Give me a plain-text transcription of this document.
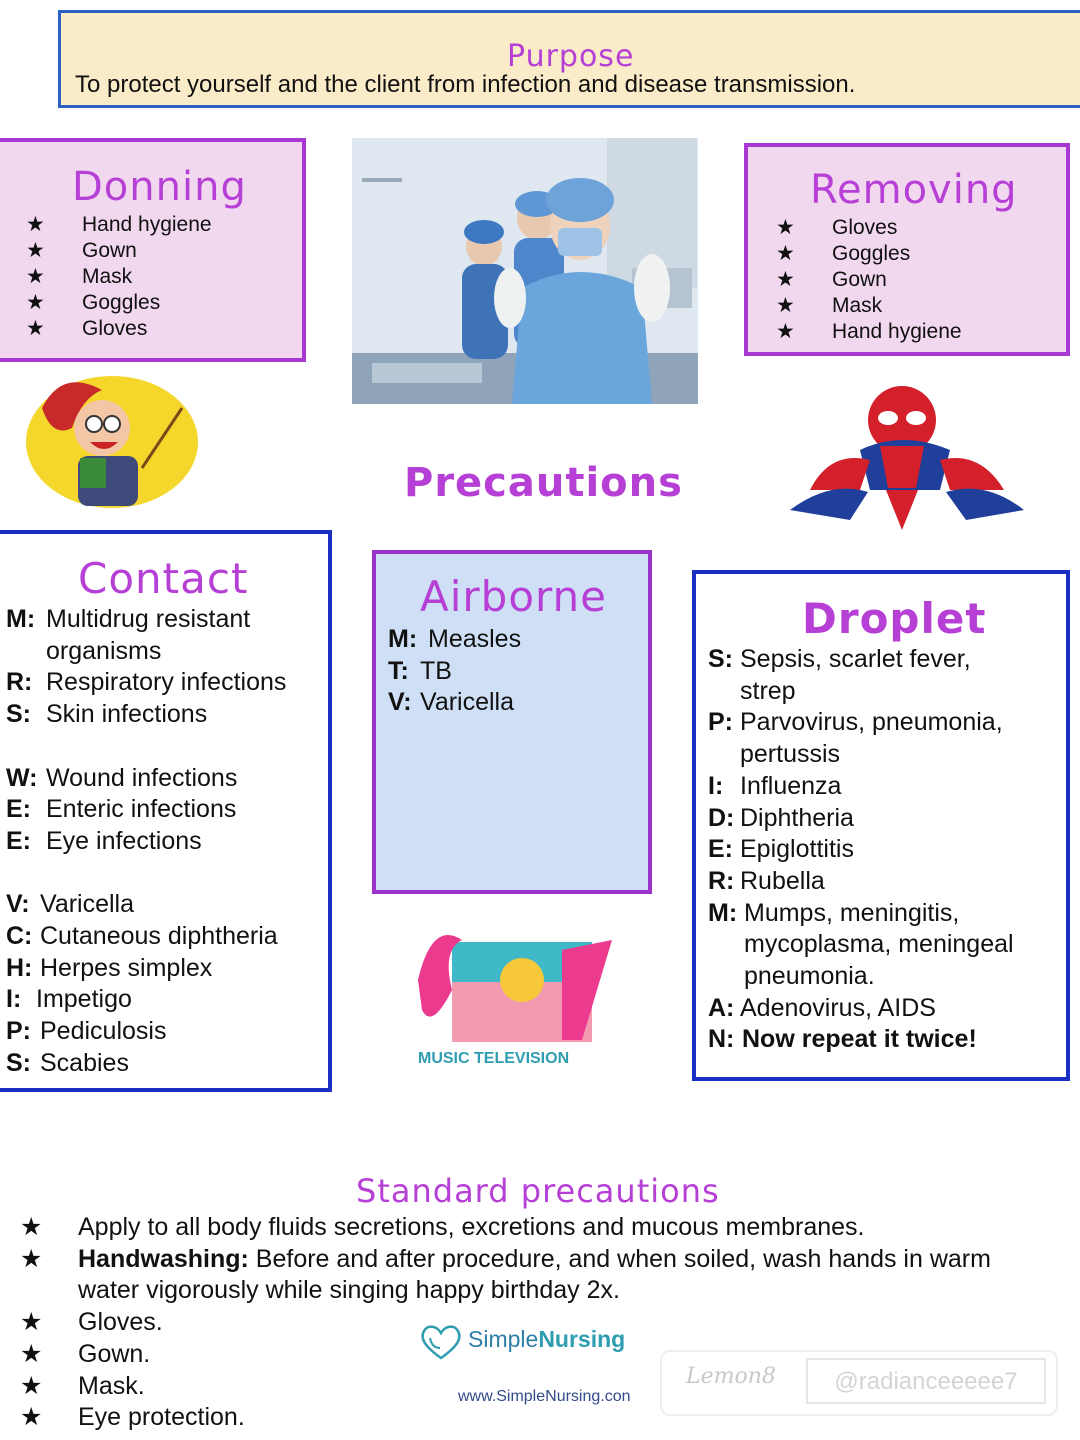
Purpose
To protect yourself and the client from infection and disease transmission.
Donning
★ Hand hygiene
★ Gown
★ Mask
★ Goggles
★ Gloves
Removing
★ Gloves
★ Goggles
★ Gown
★ Mask
★ Hand hygiene
Precautions
Contact
M: Multidrug resistant
organisms
R: Respiratory infections
S: Skin infections
W: Wound infections
E: Enteric infections
E: Eye infections
V: Varicella
C: Cutaneous diphtheria
H: Herpes simplex
I: Impetigo
P: Pediculosis
S: Scabies
Airborne
M: Measles
T: TB
V: Varicella
MUSIC TELEVISION
Droplet
S: Sepsis, scarlet fever,
strep
P: Parvovirus, pneumonia,
pertussis
I: Influenza
D: Diphtheria
E: Epiglottitis
R: Rubella
M: Mumps, meningitis,
mycoplasma, meningeal
pneumonia.
A: Adenovirus, AIDS
N: Now repeat it twice!
Standard precautions
★ Apply to all body fluids secretions, excretions and mucous membranes.
★ Handwashing: Before and after procedure, and when soiled, wash hands in warm water vigorously while singing happy birthday 2x.
★ Gloves.
★ Gown.
★ Mask.
★ Eye protection.
SimpleNursing
www.SimpleNursing.con
Lemon8	@radianceeeee7
